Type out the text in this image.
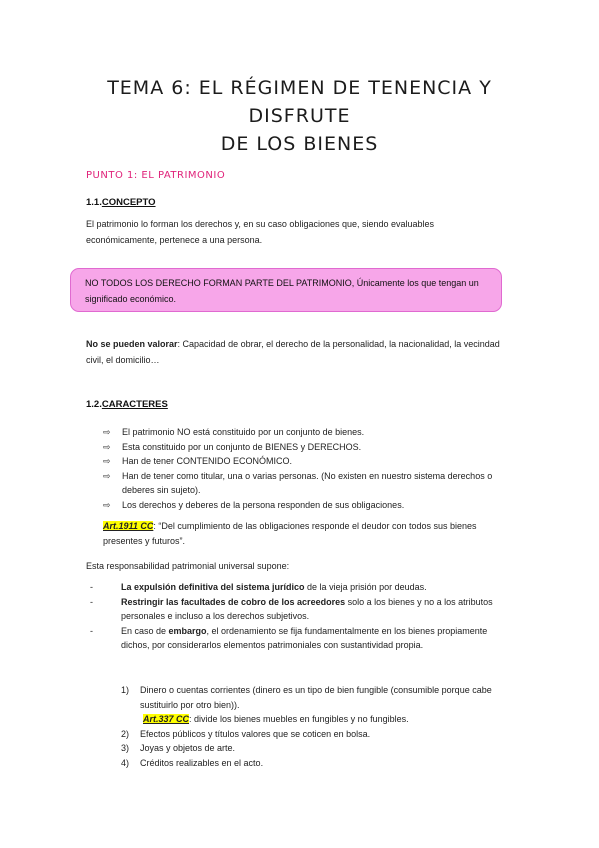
TEMA 6: EL RÉGIMEN DE TENENCIA Y DISFRUTE
DE LOS BIENES
PUNTO 1: EL PATRIMONIO
1.1.CONCEPTO
El patrimonio lo forman los derechos y, en su caso obligaciones que, siendo evaluables económicamente, pertenece a una persona.
NO TODOS LOS DERECHO FORMAN PARTE DEL PATRIMONIO, Únicamente los que tengan un significado económico.
No se pueden valorar: Capacidad de obrar, el derecho de la personalidad, la nacionalidad, la vecindad civil, el domicilio…
1.2.CARACTERES
⇨ El patrimonio NO está constituido por un conjunto de bienes.
⇨ Esta constituido por un conjunto de BIENES y DERECHOS.
⇨ Han de tener CONTENIDO ECONÓMICO.
⇨ Han de tener como titular, una o varias personas. (No existen en nuestro sistema derechos o deberes sin sujeto).
⇨ Los derechos y deberes de la persona responden de sus obligaciones.
Art.1911 CC: “Del cumplimiento de las obligaciones responde el deudor con todos sus bienes presentes y futuros”.
Esta responsabilidad patrimonial universal supone:
-	La expulsión definitiva del sistema jurídico de la vieja prisión por deudas.
-	Restringir las facultades de cobro de los acreedores solo a los bienes y no a los atributos personales e incluso a los derechos subjetivos.
-	En caso de embargo, el ordenamiento se fija fundamentalmente en los bienes propiamente dichos, por considerarlos elementos patrimoniales con sustantividad propia.
1) Dinero o cuentas corrientes (dinero es un tipo de bien fungible (consumible porque cabe sustituirlo por otro bien)).
Art.337 CC: divide los bienes muebles en fungibles y no fungibles.
2) Efectos públicos y títulos valores que se coticen en bolsa.
3) Joyas y objetos de arte.
4) Créditos realizables en el acto.
